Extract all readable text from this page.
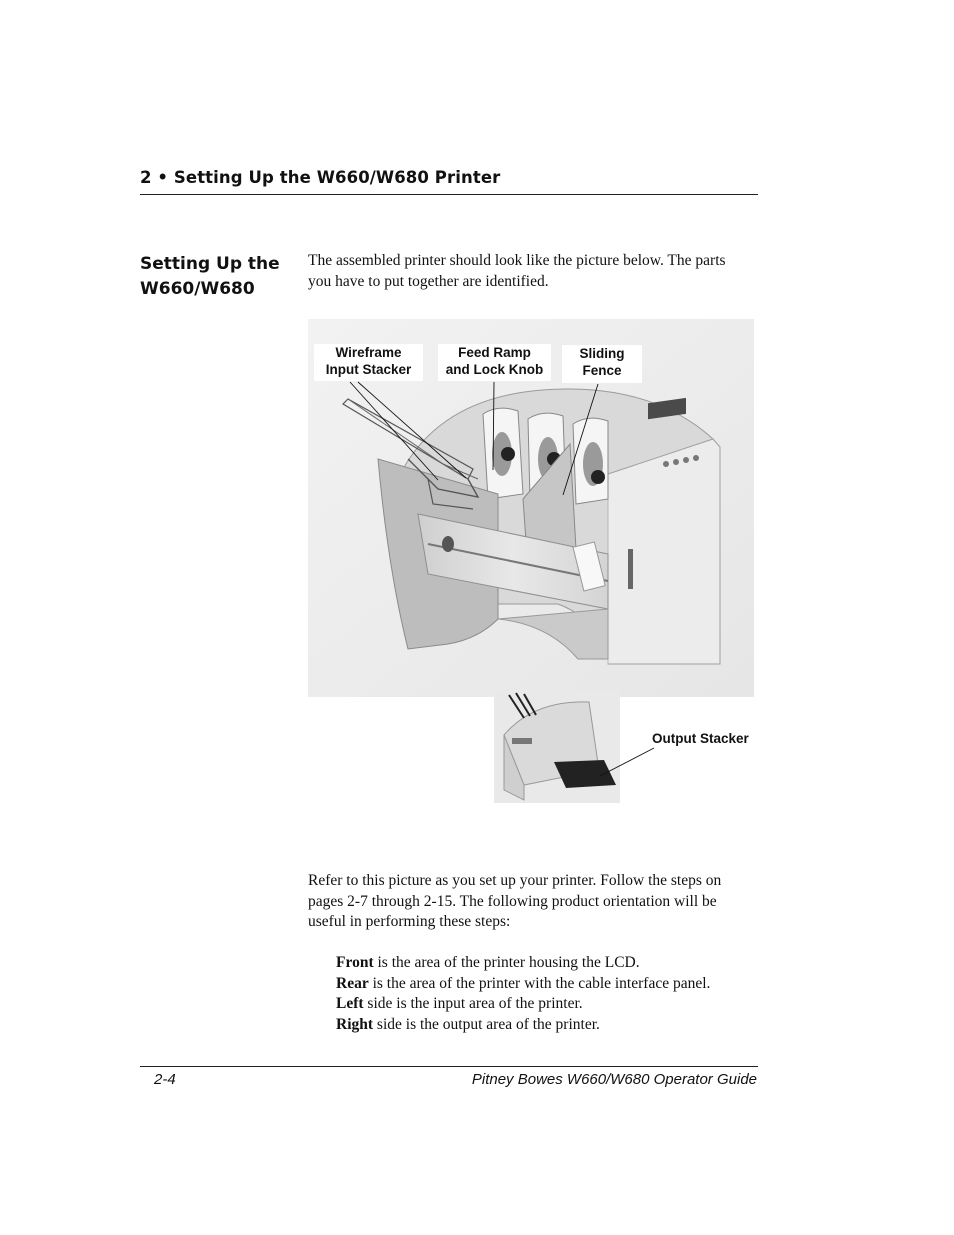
2 • Setting Up the W660/W680 Printer
Setting Up the
W660/W680
The assembled printer should look like the picture below. The parts you have to put together are identified.
Wireframe
Input Stacker
Feed Ramp
and Lock Knob
Sliding
Fence
Output Stacker
Refer to this picture as you set up your printer. Follow the steps on pages 2-7 through 2-15. The following product orientation will be useful in performing these steps:
Front is the area of the printer housing the LCD.
Rear is the area of the printer with the cable interface panel.
Left side is the input area of the printer.
Right side is the output area of the printer.
2-4	Pitney Bowes W660/W680 Operator Guide
